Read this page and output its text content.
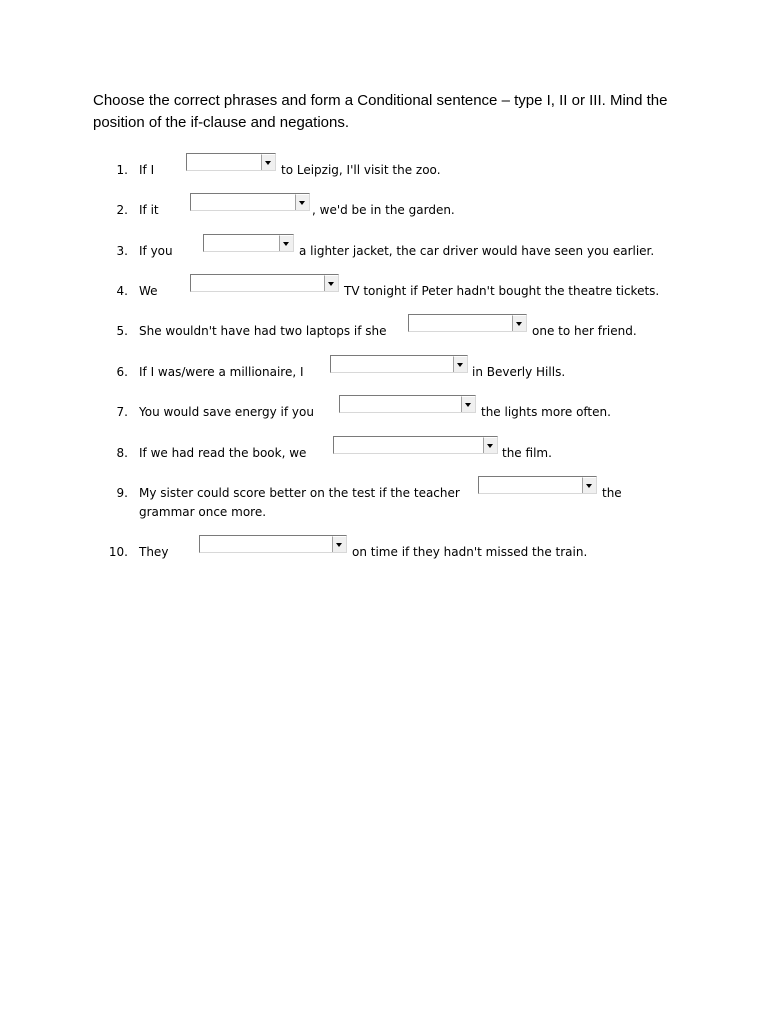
Choose the correct phrases and form a Conditional sentence – type I, II or III. Mind the position of the if-clause and negations.
1. If I	to Leipzig, I'll visit the zoo.
2. If it	, we'd be in the garden.
3. If you	a lighter jacket, the car driver would have seen you earlier.
4. We	TV tonight if Peter hadn't bought the theatre tickets.
5. She wouldn't have had two laptops if she	one to her friend.
6. If I was/were a millionaire, I	in Beverly Hills.
7. You would save energy if you	the lights more often.
8. If we had read the book, we	the film.
9. My sister could score better on the test if the teacher	the
grammar once more.
10. They	on time if they hadn't missed the train.
